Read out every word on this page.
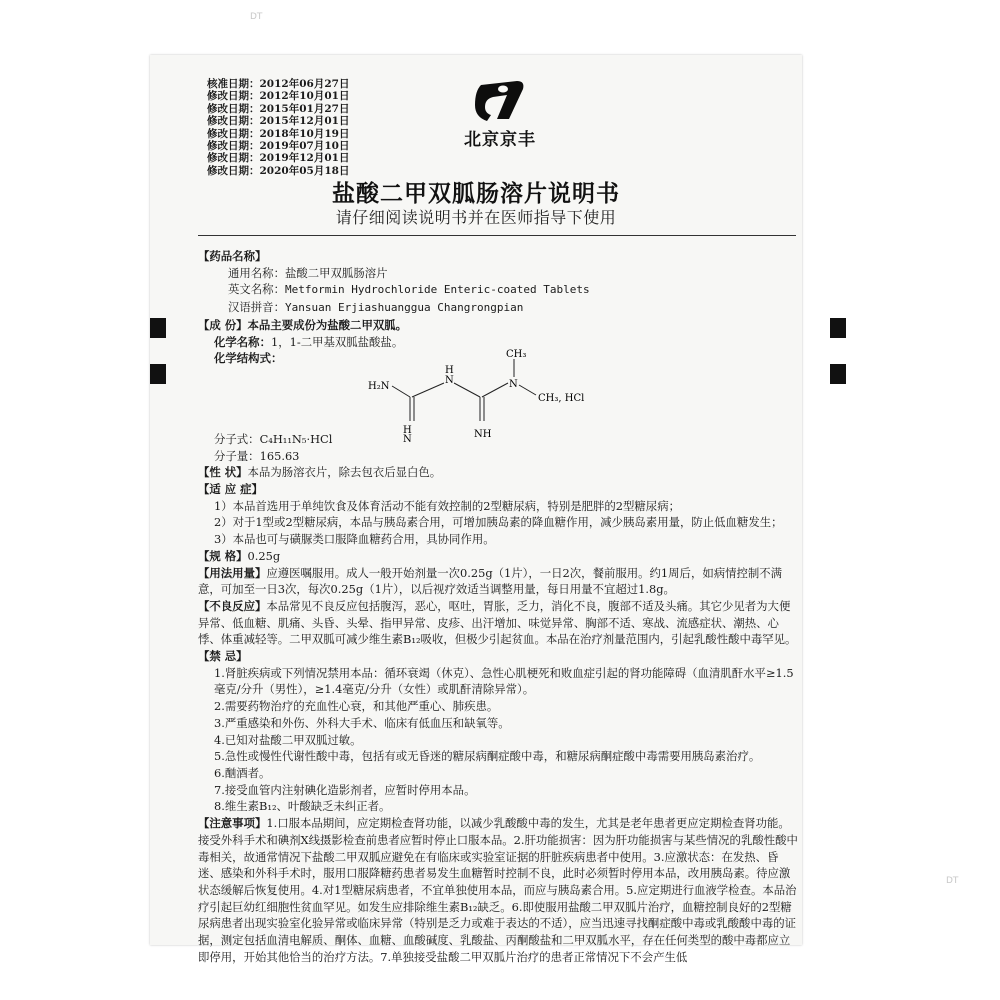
DT
DT
核准日期：2012年06月27日
修改日期：2012年10月01日
修改日期：2015年01月27日
修改日期：2015年12月01日
修改日期：2018年10月19日
修改日期：2019年07月10日
修改日期：2019年12月01日
修改日期：2020年05月18日
北京京丰
盐酸二甲双胍肠溶片说明书
请仔细阅读说明书并在医师指导下使用

【药品名称】

通用名称：盐酸二甲双胍肠溶片

英文名称：Metformin Hydrochloride Enteric-coated Tablets

汉语拼音：Yansuan Erjiashuanggua Changrongpian

【成 份】本品主要成份为盐酸二甲双胍。

化学名称：1，1-二甲基双胍盐酸盐。

化学结构式：

H₂N
H
N
N
H
NH
N
CH₃
CH₃, HCl

分子式：C₄H₁₁N₅·HCl

分子量：165.63

【性 状】本品为肠溶衣片，除去包衣后显白色。

【适 应 症】

1）本品首选用于单纯饮食及体育活动不能有效控制的2型糖尿病，特别是肥胖的2型糖尿病；

2）对于1型或2型糖尿病，本品与胰岛素合用，可增加胰岛素的降血糖作用，减少胰岛素用量，防止低血糖发生；

3）本品也可与磺脲类口服降血糖药合用，具协同作用。

【规 格】0.25g

【用法用量】应遵医嘱服用。成人一般开始剂量一次0.25g（1片），一日2次，餐前服用。约1周后，如病情控制不满意，可加至一日3次，每次0.25g（1片），以后视疗效适当调整用量，每日用量不宜超过1.8g。

【不良反应】本品常见不良反应包括腹泻，恶心，呕吐，胃胀，乏力，消化不良，腹部不适及头痛。其它少见者为大便异常、低血糖、肌痛、头昏、头晕、指甲异常、皮疹、出汗增加、味觉异常、胸部不适、寒战、流感症状、潮热、心悸、体重减轻等。二甲双胍可减少维生素B₁₂吸收，但极少引起贫血。本品在治疗剂量范围内，引起乳酸性酸中毒罕见。

【禁 忌】

1.肾脏疾病或下列情况禁用本品：循环衰竭（休克）、急性心肌梗死和败血症引起的肾功能障碍（血清肌酐水平≥1.5毫克/分升（男性），≥1.4毫克/分升（女性）或肌酐清除异常）。

2.需要药物治疗的充血性心衰，和其他严重心、肺疾患。

3.严重感染和外伤、外科大手术、临床有低血压和缺氧等。

4.已知对盐酸二甲双胍过敏。

5.急性或慢性代谢性酸中毒，包括有或无昏迷的糖尿病酮症酸中毒，和糖尿病酮症酸中毒需要用胰岛素治疗。

6.酗酒者。

7.接受血管内注射碘化造影剂者，应暂时停用本品。

8.维生素B₁₂、叶酸缺乏未纠正者。

【注意事项】1.口服本品期间，应定期检查肾功能，以减少乳酸酸中毒的发生，尤其是老年患者更应定期检查肾功能。接受外科手术和碘剂X线摄影检查前患者应暂时停止口服本品。2.肝功能损害：因为肝功能损害与某些情况的乳酸性酸中毒相关，故通常情况下盐酸二甲双胍应避免在有临床或实验室证据的肝脏疾病患者中使用。3.应激状态：在发热、昏迷、感染和外科手术时，服用口服降糖药患者易发生血糖暂时控制不良，此时必须暂时停用本品，改用胰岛素。待应激状态缓解后恢复使用。4.对1型糖尿病患者，不宜单独使用本品，而应与胰岛素合用。5.应定期进行血液学检查。本品治疗引起巨幼红细胞性贫血罕见。如发生应排除维生素B₁₂缺乏。6.即使服用盐酸二甲双胍片治疗，血糖控制良好的2型糖尿病患者出现实验室化验异常或临床异常（特别是乏力或难于表达的不适），应当迅速寻找酮症酸中毒或乳酸酸中毒的证据，测定包括血清电解质、酮体、血糖、血酸碱度、乳酸盐、丙酮酸盐和二甲双胍水平，存在任何类型的酸中毒都应立即停用，开始其他恰当的治疗方法。7.单独接受盐酸二甲双胍片治疗的患者正常情况下不会产生低
